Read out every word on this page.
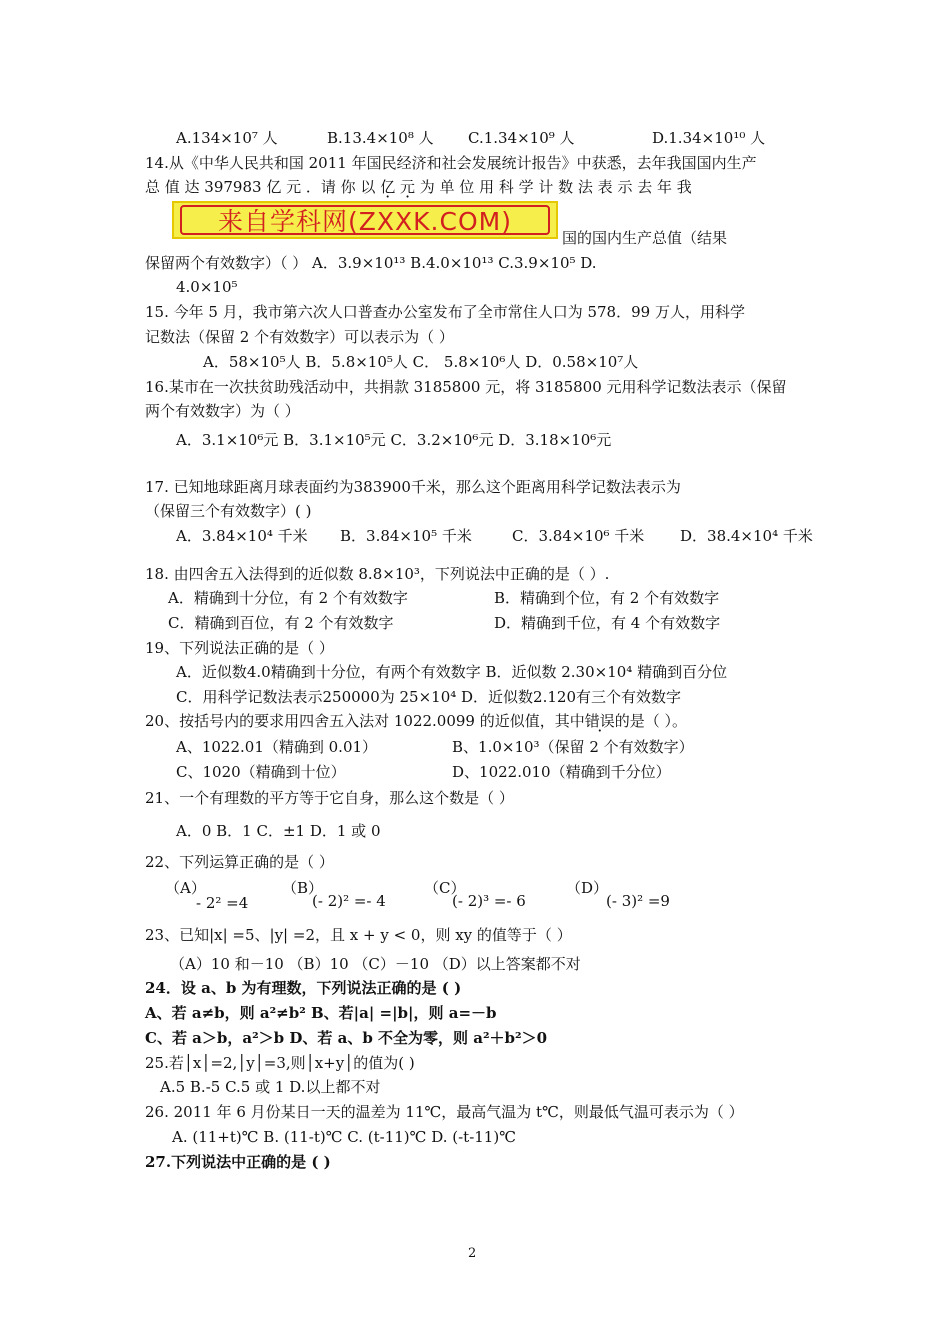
A.134×10⁷ 人	B.13.4×10⁸ 人 C.1.34×10⁹ 人	D.1.34×10¹⁰ 人
14.从《中华人民共和国 2011 年国民经济和社会发展统计报告》中获悉，去年我国国内生产
总 值 达 397983 亿 元 ．请 你 以 亿 元 为 单 位 用 科 学 计 数 法 表 示 去 年 我
来自学科网(ZXXK.COM)
国的国内生产总值（结果
保留两个有效数字）（ ） A．3.9×10¹³ B.4.0×10¹³ C.3.9×10⁵ D.
4.0×10⁵
15. 今年 5 月，我市第六次人口普查办公室发布了全市常住人口为 578．99 万人，用科学
记数法（保留 2 个有效数字）可以表示为（ ）
A．58×10⁵人 B．5.8×10⁵人 C． 5.8×10⁶人 D．0.58×10⁷人
16.某市在一次扶贫助残活动中，共捐款 3185800 元，将 3185800 元用科学记数法表示（保留
两个有效数字）为（ ）
A．3.1×10⁶元 B．3.1×10⁵元 C．3.2×10⁶元 D．3.18×10⁶元
17. 已知地球距离月球表面约为383900千米，那么这个距离用科学记数法表示为
（保留三个有效数字）( )
A．3.84×10⁴ 千米 B．3.84×10⁵ 千米	C．3.84×10⁶ 千米 D．38.4×10⁴ 千米
18. 由四舍五入法得到的近似数 8.8×10³，下列说法中正确的是（ ）.
A．精确到十分位，有 2 个有效数字	B．精确到个位，有 2 个有效数字
C．精确到百位，有 2 个有效数字	D．精确到千位，有 4 个有效数字
19、下列说法正确的是（ ）
A．近似数4.0精确到十分位，有两个有效数字 B．近似数 2.30×10⁴ 精确到百分位
C．用科学记数法表示250000为 25×10⁴ D．近似数2.120有三个有效数字
20、按括号内的要求用四舍五入法对 1022.0099 的近似值，其中错误的是（ ）。
A、1022.01（精确到 0.01）	B、1.0×10³（保留 2 个有效数字）
C、1020（精确到十位）	D、1022.010（精确到千分位）
21、一个有理数的平方等于它自身，那么这个数是（ ）
A．0 B．1 C．±1 D．1 或 0
22、下列运算正确的是（ ）
（A）
- 2² =4
（B）
(- 2)² =- 4
（C）
(- 2)³ =- 6
（D）
(- 3)² =9
23、已知|x| =5、|y| =2，且 x + y < 0，则 xy 的值等于（ ）
（A）10 和－10 （B）10 （C）－10 （D）以上答案都不对
24．设 a、b 为有理数，下列说法正确的是 ( )
A、若 a≠b，则 a²≠b² B、若|a| =|b|，则 a=－b
C、若 a＞b，a²＞b D、若 a、b 不全为零，则 a²＋b²＞0
25.若│x│=2,│y│=3,则│x+y│的值为( )
A.5 B.-5 C.5 或 1 D.以上都不对
26. 2011 年 6 月份某日一天的温差为 11℃，最高气温为 t℃，则最低气温可表示为（ ）
A. (11+t)℃ B. (11-t)℃ C. (t-11)℃ D. (-t-11)℃
27.下列说法中正确的是 ( )
2
